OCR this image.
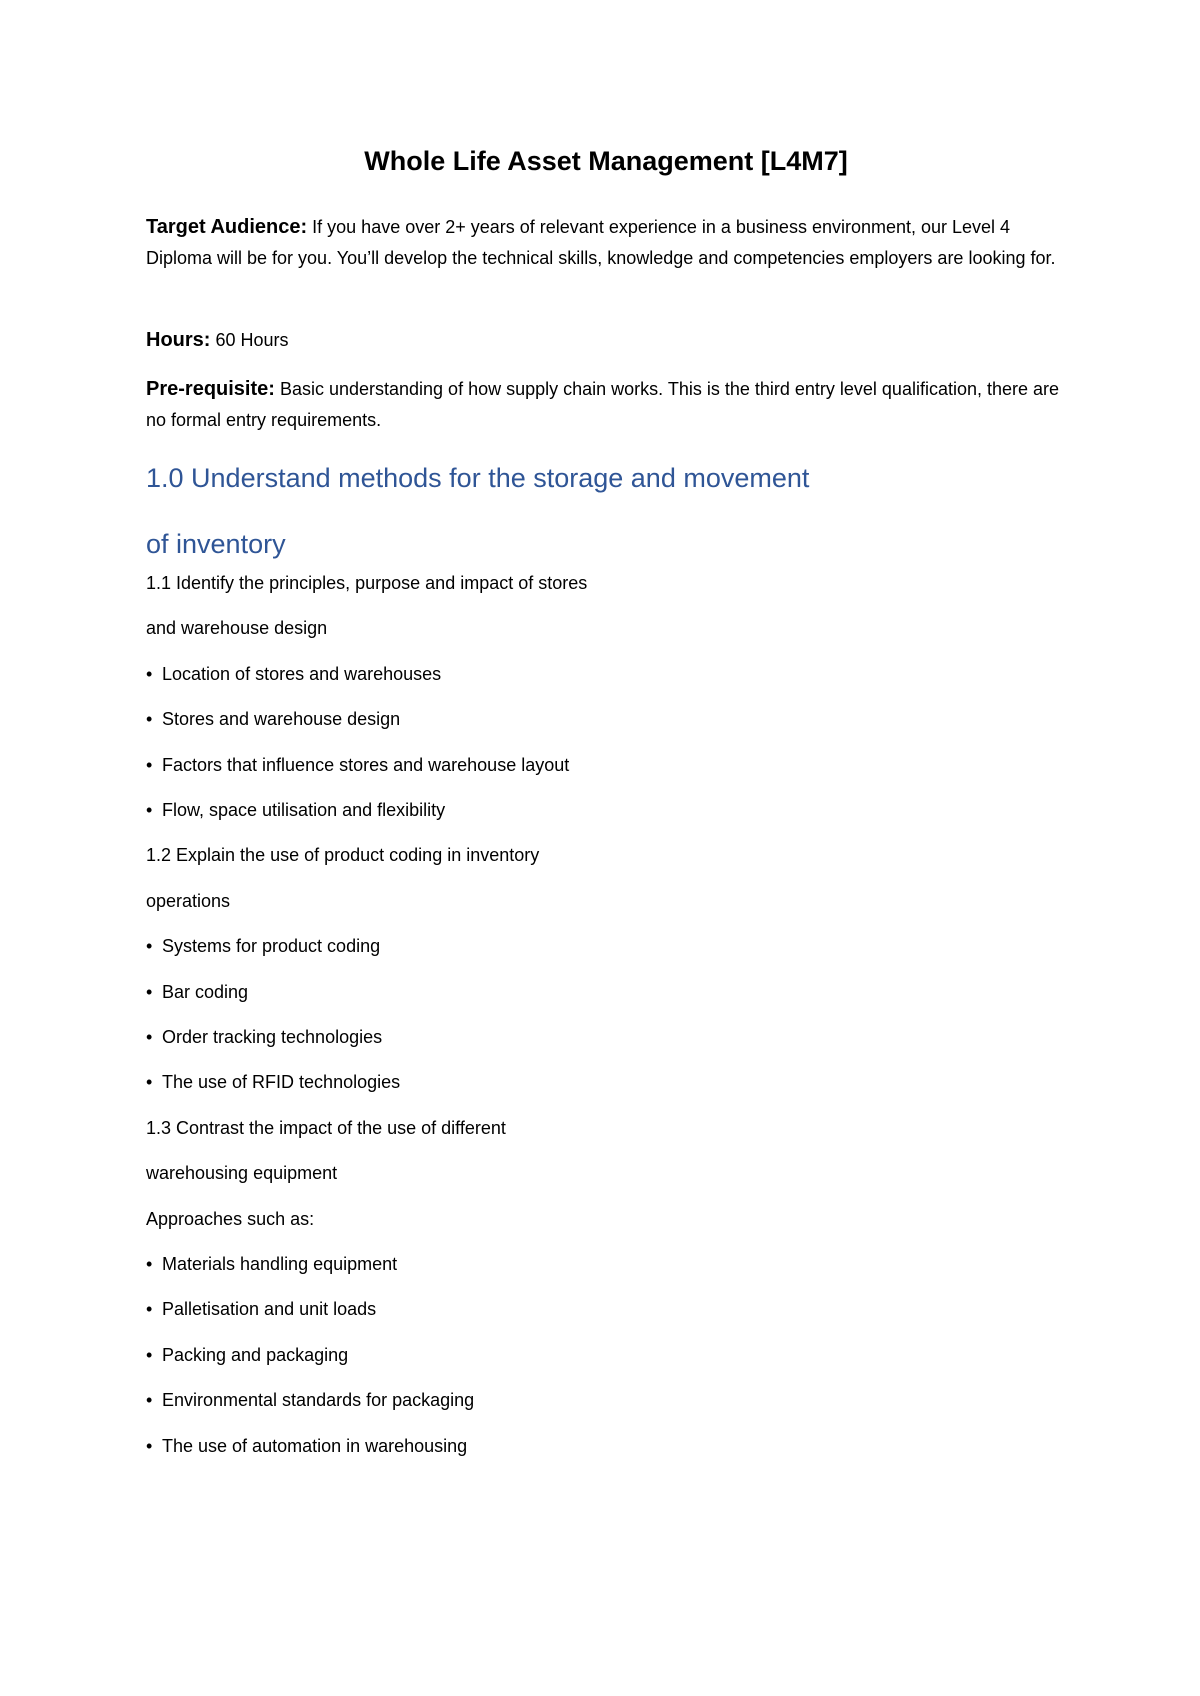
Whole Life Asset Management [L4M7]
Target Audience: If you have over 2+ years of relevant experience in a business environment, our Level 4 Diploma will be for you. You’ll develop the technical skills, knowledge and competencies employers are looking for.
Hours: 60 Hours
Pre-requisite: Basic understanding of how supply chain works. This is the third entry level qualification, there are no formal entry requirements.
1.0 Understand methods for the storage and movement
of inventory
1.1 Identify the principles, purpose and impact of stores
and warehouse design
• Location of stores and warehouses
• Stores and warehouse design
• Factors that influence stores and warehouse layout
• Flow, space utilisation and flexibility
1.2 Explain the use of product coding in inventory
operations
• Systems for product coding
• Bar coding
• Order tracking technologies
• The use of RFID technologies
1.3 Contrast the impact of the use of different
warehousing equipment
Approaches such as:
• Materials handling equipment
• Palletisation and unit loads
• Packing and packaging
• Environmental standards for packaging
• The use of automation in warehousing
